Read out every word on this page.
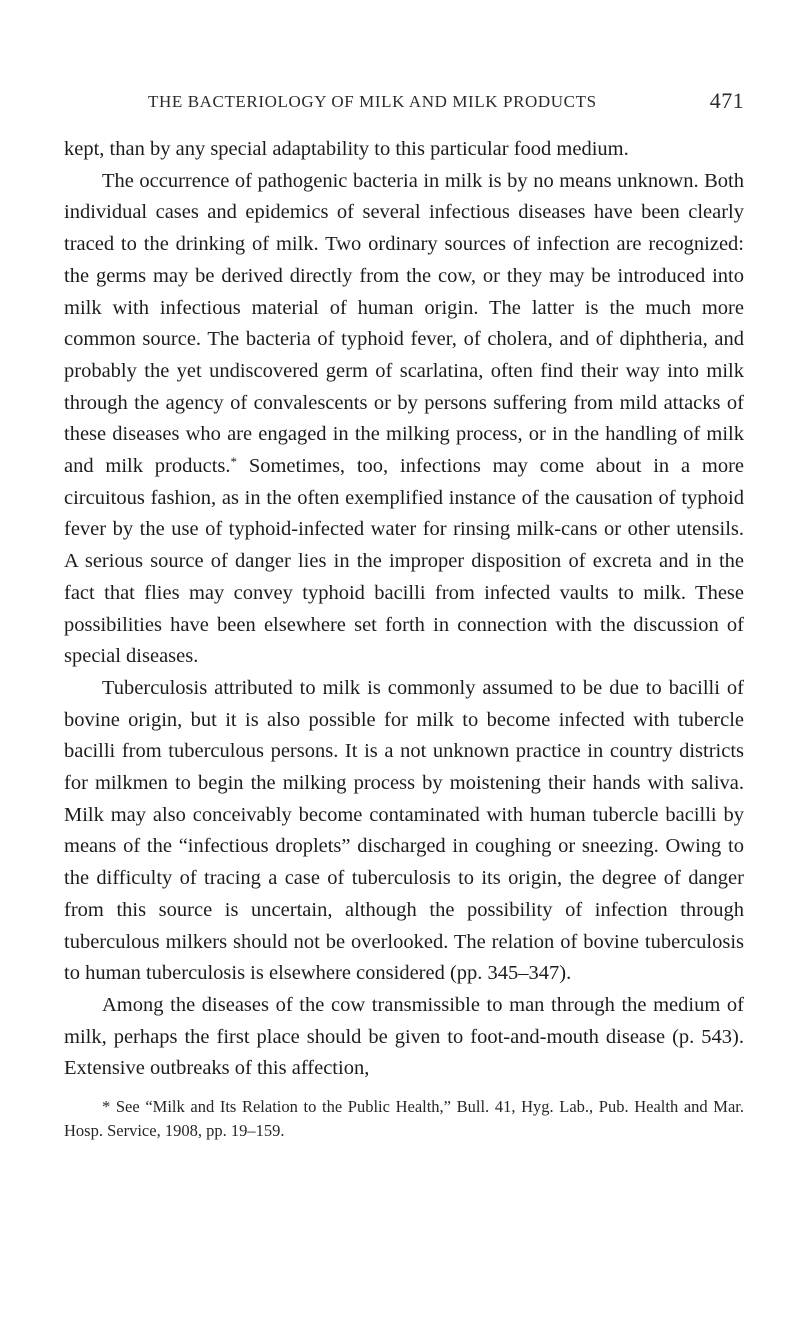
THE BACTERIOLOGY OF MILK AND MILK PRODUCTS	471

kept, than by any special adaptability to this particular food medium.

The occurrence of pathogenic bacteria in milk is by no means unknown. Both individual cases and epidemics of several infectious diseases have been clearly traced to the drinking of milk. Two ordinary sources of infection are recognized: the germs may be derived directly from the cow, or they may be introduced into milk with infectious material of human origin. The latter is the much more common source. The bacteria of typhoid fever, of cholera, and of diphtheria, and probably the yet undiscovered germ of scarlatina, often find their way into milk through the agency of convalescents or by persons suffering from mild attacks of these diseases who are engaged in the milking process, or in the handling of milk and milk products.* Sometimes, too, infections may come about in a more circuitous fashion, as in the often exemplified instance of the causation of typhoid fever by the use of typhoid-infected water for rinsing milk-cans or other utensils. A serious source of danger lies in the improper disposition of excreta and in the fact that flies may convey typhoid bacilli from infected vaults to milk. These possibilities have been elsewhere set forth in connection with the discussion of special diseases.

Tuberculosis attributed to milk is commonly assumed to be due to bacilli of bovine origin, but it is also possible for milk to become infected with tubercle bacilli from tuberculous persons. It is a not unknown practice in country districts for milkmen to begin the milking process by moistening their hands with saliva. Milk may also conceivably become contaminated with human tubercle bacilli by means of the “infectious droplets” discharged in coughing or sneezing. Owing to the difficulty of tracing a case of tuberculosis to its origin, the degree of danger from this source is uncertain, although the possibility of infection through tuberculous milkers should not be overlooked. The relation of bovine tuberculosis to human tuberculosis is elsewhere considered (pp. 345–347).

Among the diseases of the cow transmissible to man through the medium of milk, perhaps the first place should be given to foot-and-mouth disease (p. 543). Extensive outbreaks of this affection,

* See “Milk and Its Relation to the Public Health,” Bull. 41, Hyg. Lab., Pub. Health and Mar. Hosp. Service, 1908, pp. 19–159.
